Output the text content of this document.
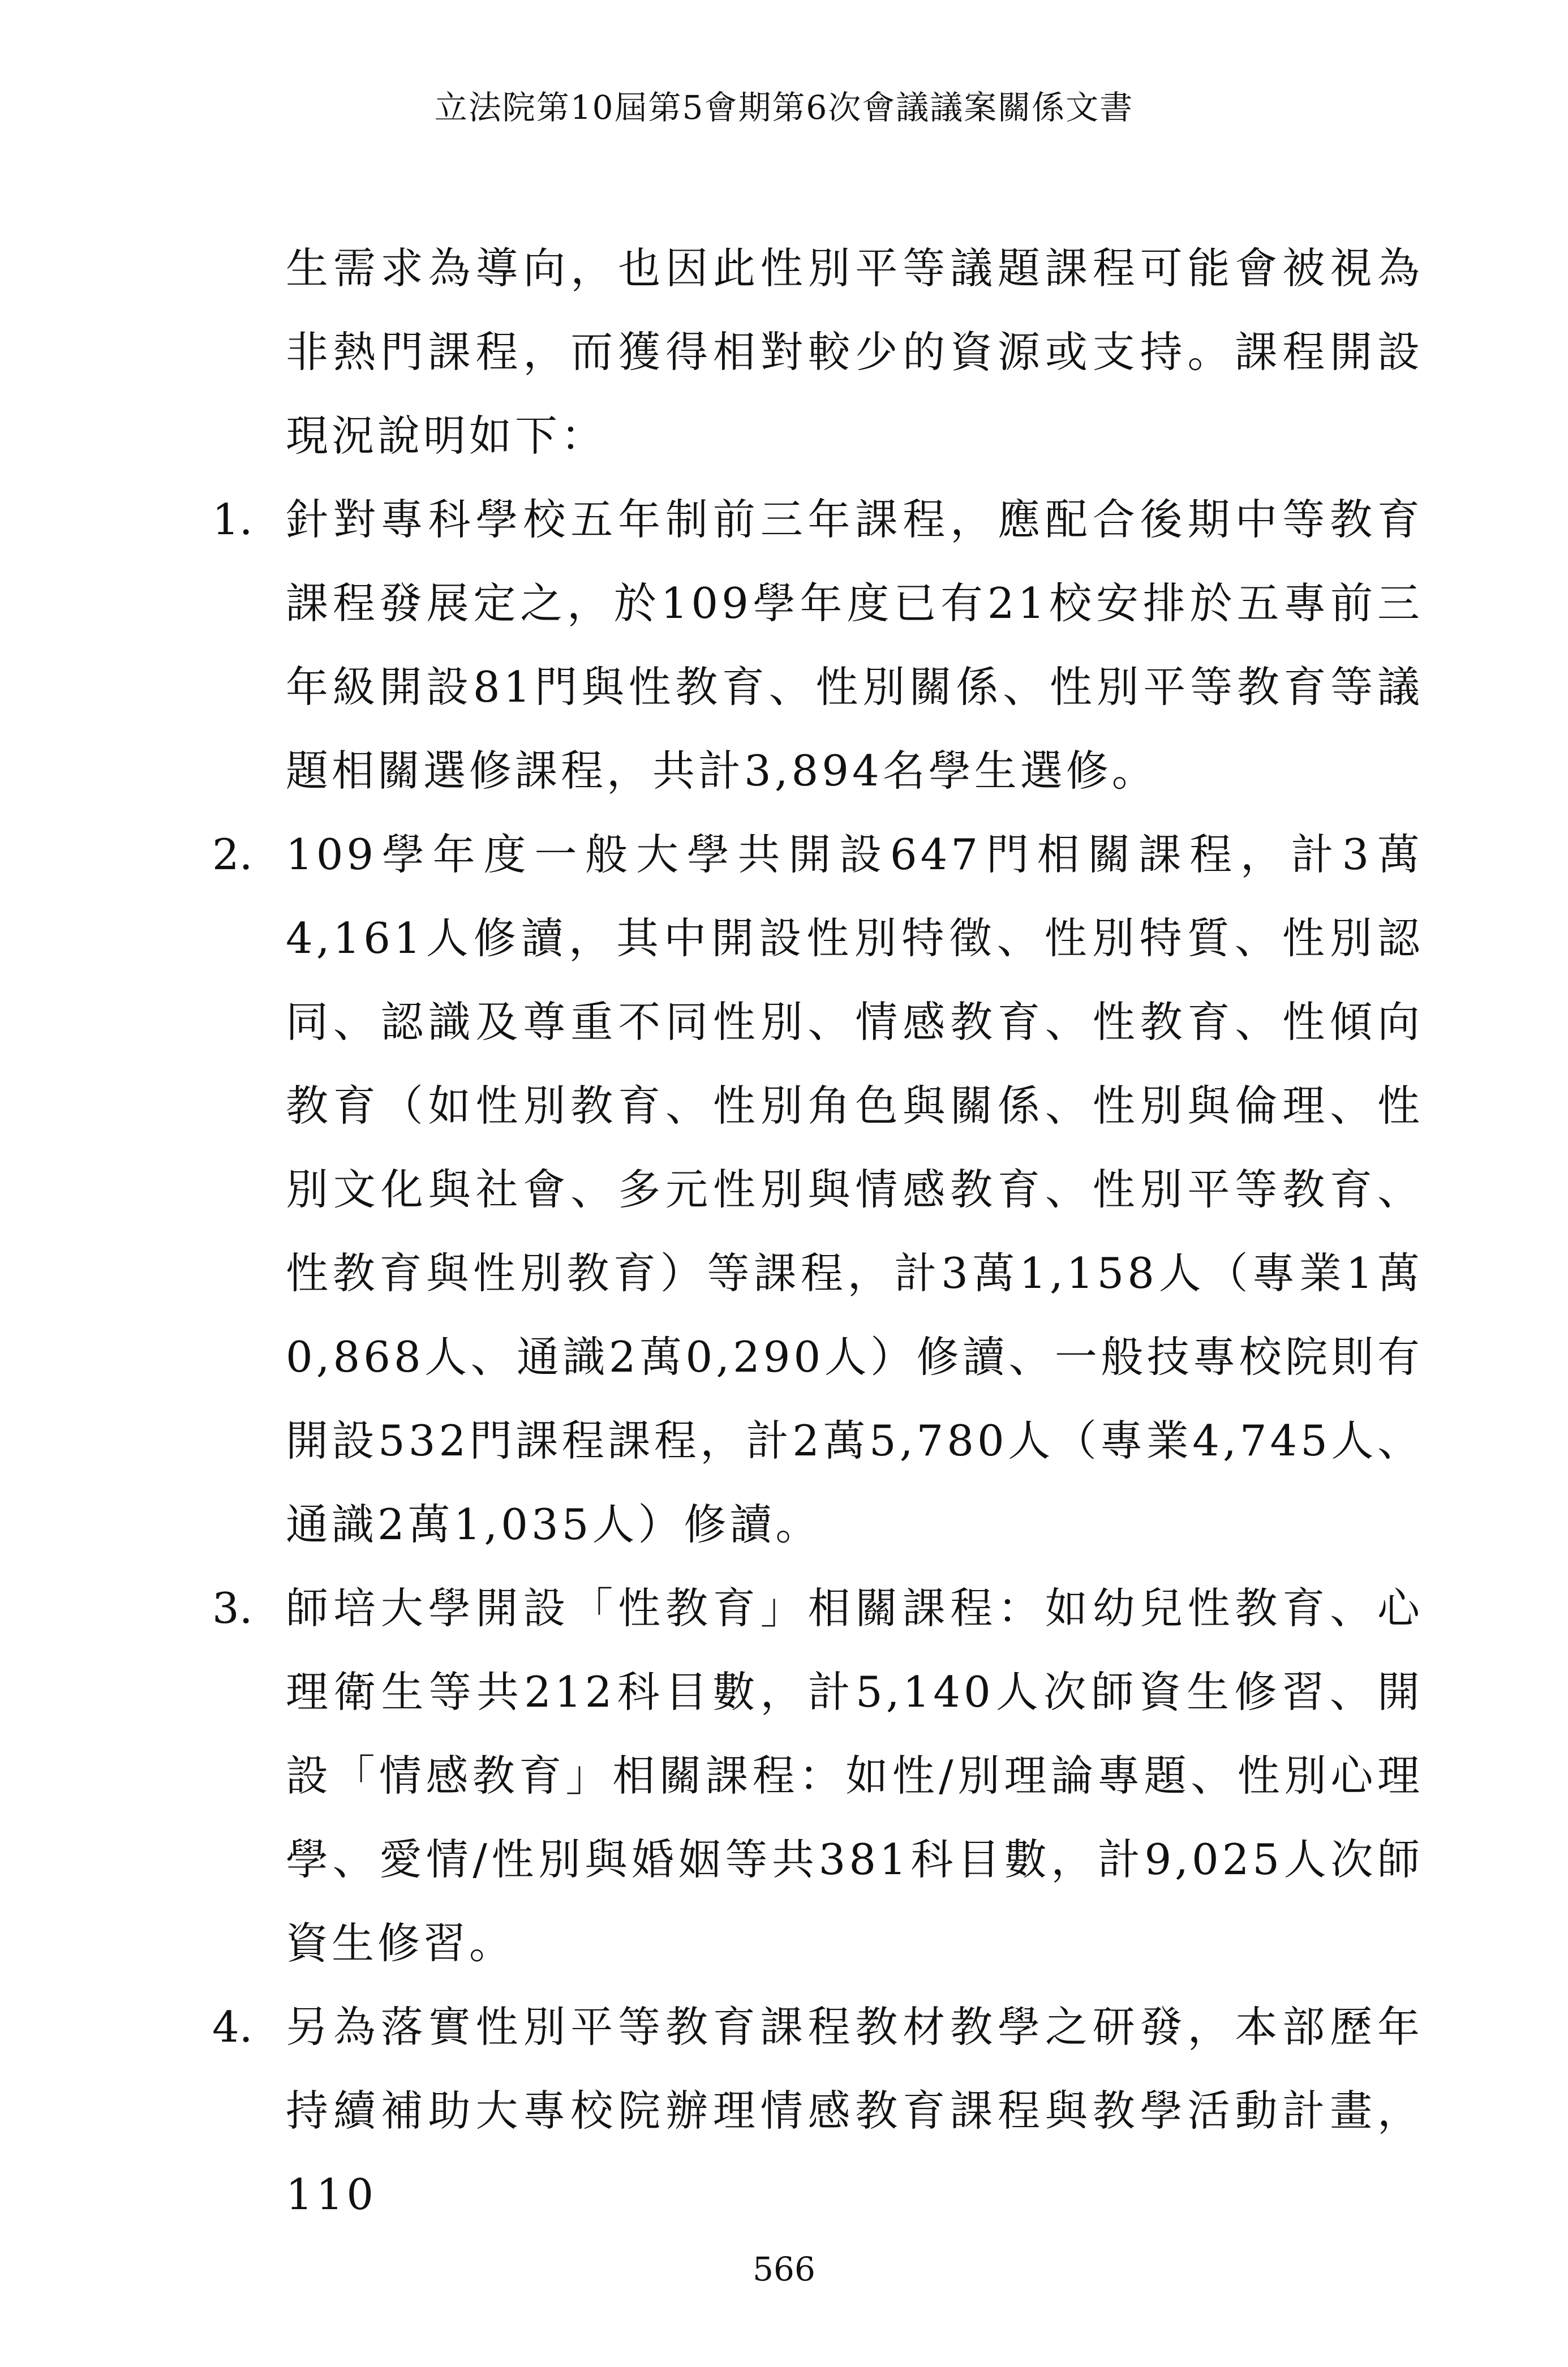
立法院第10屆第5會期第6次會議議案關係文書

生需求為導向，也因此性別平等議題課程可能會被視為非熱門課程，而獲得相對較少的資源或支持。課程開設現況說明如下：

1. 針對專科學校五年制前三年課程，應配合後期中等教育課程發展定之，於109學年度已有21校安排於五專前三年級開設81門與性教育、性別關係、性別平等教育等議題相關選修課程，共計3,894名學生選修。
2. 109學年度一般大學共開設647門相關課程，計3萬4,161人修讀，其中開設性別特徵、性別特質、性別認同、認識及尊重不同性別、情感教育、性教育、性傾向教育（如性別教育、性別角色與關係、性別與倫理、性別文化與社會、多元性別與情感教育、性別平等教育、性教育與性別教育）等課程，計3萬1,158人（專業1萬0,868人、通識2萬0,290人）修讀、一般技專校院則有開設532門課程課程，計2萬5,780人（專業4,745人、通識2萬1,035人）修讀。
3. 師培大學開設「性教育」相關課程：如幼兒性教育、心理衛生等共212科目數，計5,140人次師資生修習、開設「情感教育」相關課程：如性/別理論專題、性別心理學、愛情/性別與婚姻等共381科目數，計9,025人次師資生修習。
4. 另為落實性別平等教育課程教材教學之研發，本部歷年持續補助大專校院辦理情感教育課程與教學活動計畫，110
566
